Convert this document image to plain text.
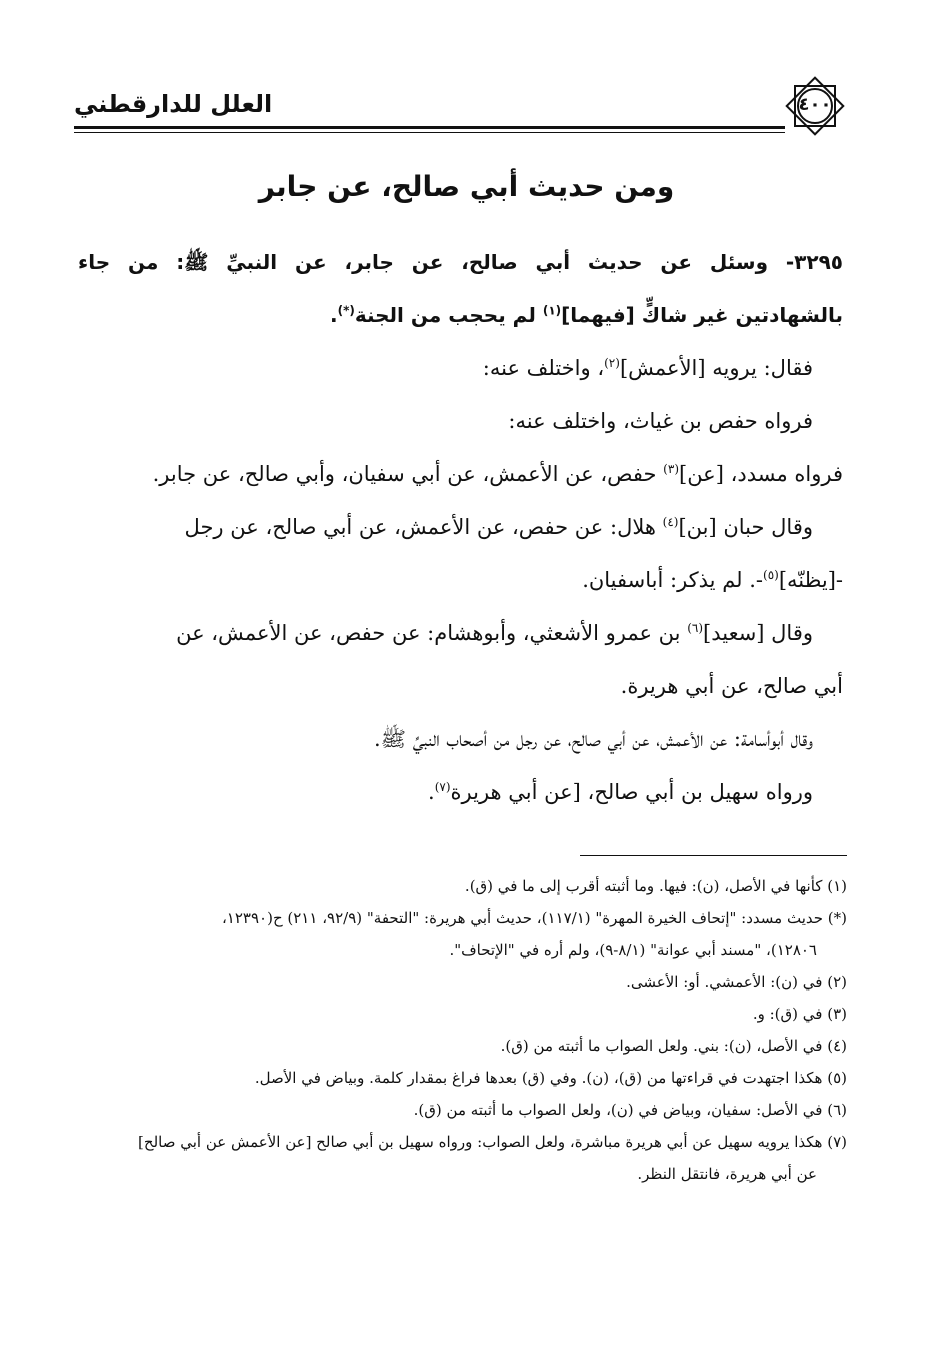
العلل للدارقطني	٤٠٠
ومن حديث أبي صالح، عن جابر
٣٢٩٥- وسئل عن حديث أبي صالح، عن جابر، عن النبيِّ ﷺ: من جاء
بالشهادتين غير شاكٍّ [فيهما]$^{(١)}$ لم يحجب من الجنة(*).
فقال: يرويه [الأعمش]$^{(٢)}$، واختلف عنه:
فرواه حفص بن غياث، واختلف عنه:
فرواه مسدد، [عن]$^{(٣)}$ حفص، عن الأعمش، عن أبي سفيان، وأبي صالح، عن جابر.
وقال حبان [بن]$^{(٤)}$ هلال: عن حفص، عن الأعمش، عن أبي صالح، عن رجل
-[يظنّه]$^{(٥)}$-. لم يذكر: أباسفيان.
وقال [سعيد]$^{(٦)}$ بن عمرو الأشعثي، وأبوهشام: عن حفص، عن الأعمش، عن
أبي صالح، عن أبي هريرة.
وقال أبوأسامة: عن الأعمش، عن أبي صالح، عن رجل من أصحاب النبيِّ ﷺ.
ورواه سهيل بن أبي صالح، [عن أبي هريرة$^{(٧)}$.
(١) كأنها في الأصل، (ن): فيها. وما أثبته أقرب إلى ما في (ق).
(*) حديث مسدد: "إتحاف الخيرة المهرة" (١١٧/١)، حديث أبي هريرة: "التحفة" (٩٢/٩، ٢١١) ح(١٢٣٩٠،
١٢٨٠٦)، "مسند أبي عوانة" (٨/١-٩)، ولم أره في "الإتحاف".
(٢) في (ن): الأعمشي. أو: الأعشى.
(٣) في (ق): و.
(٤) في الأصل، (ن): بني. ولعل الصواب ما أثبته من (ق).
(٥) هكذا اجتهدت في قراءتها من (ق)، (ن). وفي (ق) بعدها فراغ بمقدار كلمة. وبياض في الأصل.
(٦) في الأصل: سفيان، وبياض في (ن)، ولعل الصواب ما أثبته من (ق).
(٧) هكذا يرويه سهيل عن أبي هريرة مباشرة، ولعل الصواب: ورواه سهيل بن أبي صالح [عن الأعمش عن أبي صالح]
عن أبي هريرة، فانتقل النظر.
